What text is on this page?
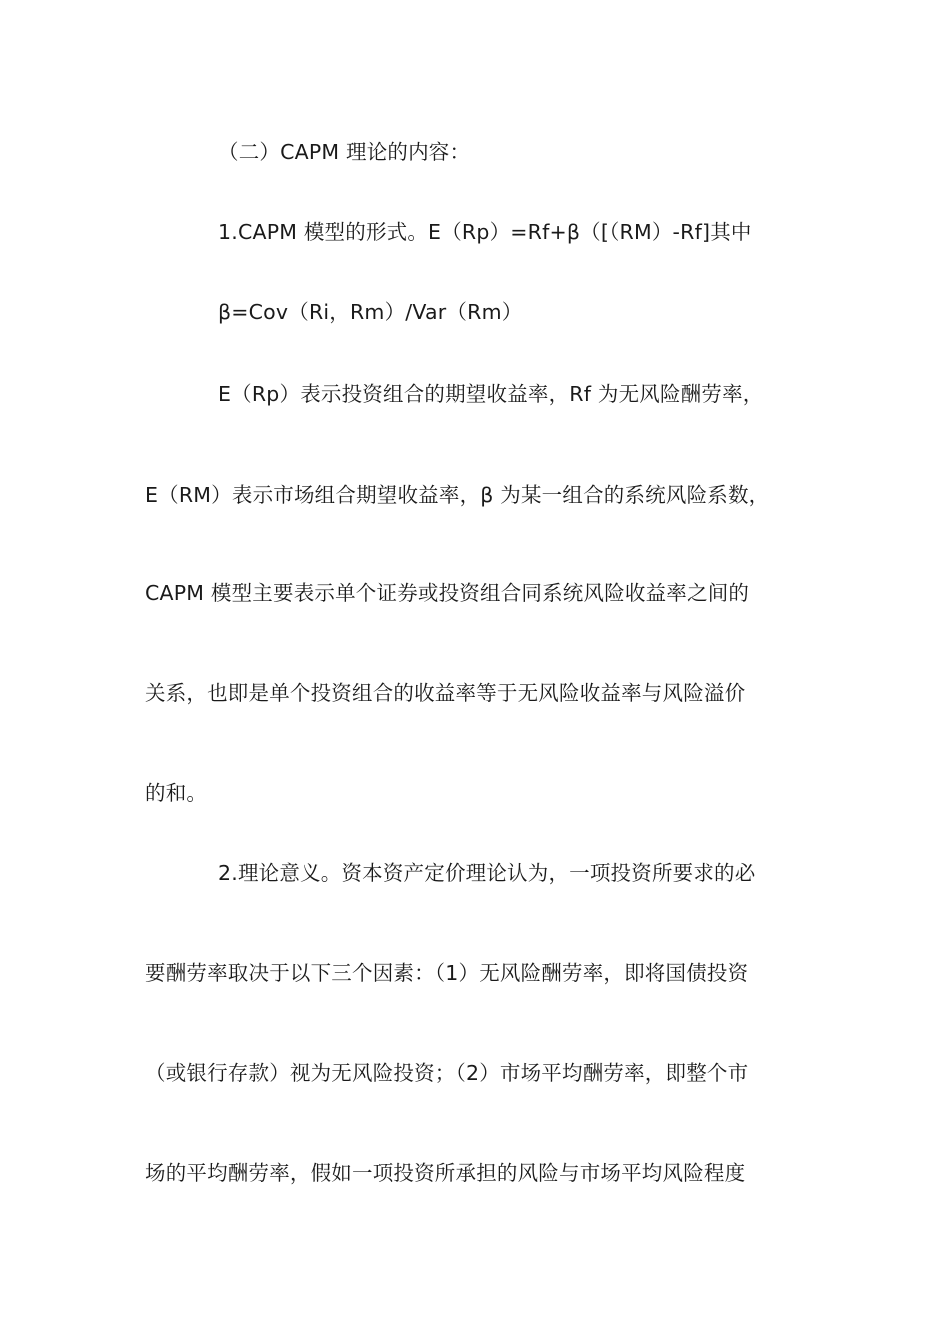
（二）CAPM 理论的内容：
1.CAPM 模型的形式。E（Rp）=Rf+β（[（RM）-Rf]其中
β=Cov（Ri，Rm）/Var（Rm）
E（Rp）表示投资组合的期望收益率，Rf 为无风险酬劳率，
E（RM）表示市场组合期望收益率，β 为某一组合的系统风险系数，
CAPM 模型主要表示单个证券或投资组合同系统风险收益率之间的
关系，也即是单个投资组合的收益率等于无风险收益率与风险溢价
的和。
2.理论意义。资本资产定价理论认为，一项投资所要求的必
要酬劳率取决于以下三个因素：（1）无风险酬劳率，即将国债投资
（或银行存款）视为无风险投资；（2）市场平均酬劳率，即整个市
场的平均酬劳率，假如一项投资所承担的风险与市场平均风险程度
